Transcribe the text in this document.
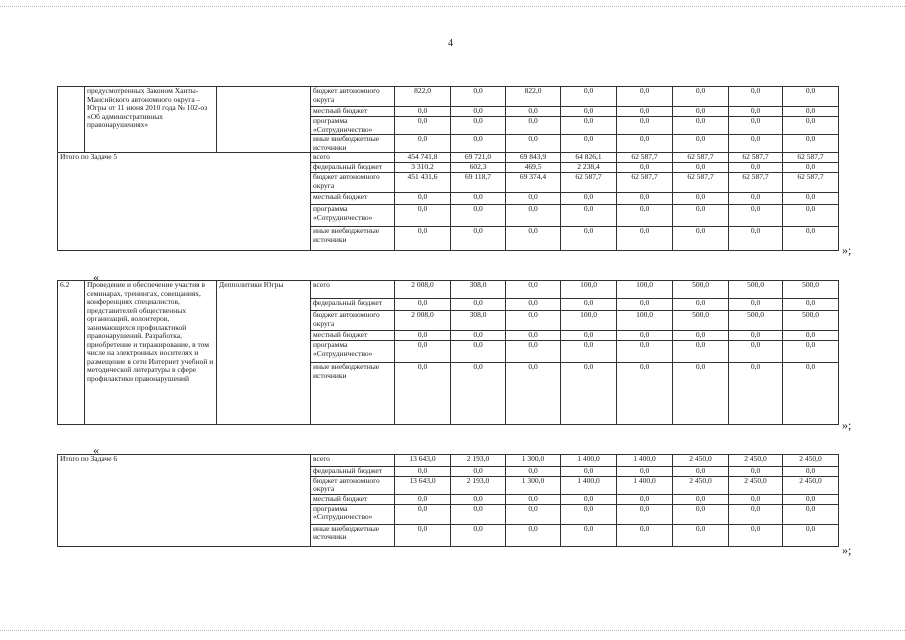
4
	предусмотренных Законом Ханты-Мансийского автономного округа – Югры от 11 июня 2010 года № 102-оз «Об административных правонарушениях»		бюджет автономного округа	822,0	0,0	822,0	0,0	0,0	0,0	0,0	0,0
			местный бюджет	0,0	0,0	0,0	0,0	0,0	0,0	0,0	0,0
			программа «Сотрудничество»	0,0	0,0	0,0	0,0	0,0	0,0	0,0	0,0
			иные внебюджетные источники	0,0	0,0	0,0	0,0	0,0	0,0	0,0	0,0
Итого по Задаче 5			всего	454 741,8	69 721,0	69 843,9	64 826,1	62 587,7	62 587,7	62 587,7	62 587,7
			федеральный бюджет	3 310,2	602,3	469,5	2 238,4	0,0	0,0	0,0	0,0
			бюджет автономного округа	451 431,6	69 118,7	69 374,4	62 587,7	62 587,7	62 587,7	62 587,7	62 587,7
			местный бюджет	0,0	0,0	0,0	0,0	0,0	0,0	0,0	0,0
			программа «Сотрудничество»	0,0	0,0	0,0	0,0	0,0	0,0	0,0	0,0
			иные внебюджетные источники	0,0	0,0	0,0	0,0	0,0	0,0	0,0	0,0
»;
«
6.2	Проведение и обеспечение участия в семинарах, тренингах, совещаниях, конференциях специалистов, представителей общественных организаций, волонтеров, занимающихся профилактикой правонарушений. Разработка, приобретение и тиражирование, в том числе на электронных носителях и размещение в сети Интернет учебной и методической литературы в сфере профилактики правонарушений	Депполитики Югры	всего	2 008,0	308,0	0,0	100,0	100,0	500,0	500,0	500,0
			федеральный бюджет	0,0	0,0	0,0	0,0	0,0	0,0	0,0	0,0
			бюджет автономного округа	2 008,0	308,0	0,0	100,0	100,0	500,0	500,0	500,0
			местный бюджет	0,0	0,0	0,0	0,0	0,0	0,0	0,0	0,0
			программа «Сотрудничество»	0,0	0,0	0,0	0,0	0,0	0,0	0,0	0,0
			иные внебюджетные источники	0,0	0,0	0,0	0,0	0,0	0,0	0,0	0,0
»;
«
Итого по Задаче 6	всего	13 643,0	2 193,0	1 300,0	1 400,0	1 400,0	2 450,0	2 450,0	2 450,0
	федеральный бюджет	0,0	0,0	0,0	0,0	0,0	0,0	0,0	0,0
	бюджет автономного округа	13 643,0	2 193,0	1 300,0	1 400,0	1 400,0	2 450,0	2 450,0	2 450,0
	местный бюджет	0,0	0,0	0,0	0,0	0,0	0,0	0,0	0,0
	программа «Сотрудничество»	0,0	0,0	0,0	0,0	0,0	0,0	0,0	0,0
	иные внебюджетные источники	0,0	0,0	0,0	0,0	0,0	0,0	0,0	0,0
»;
